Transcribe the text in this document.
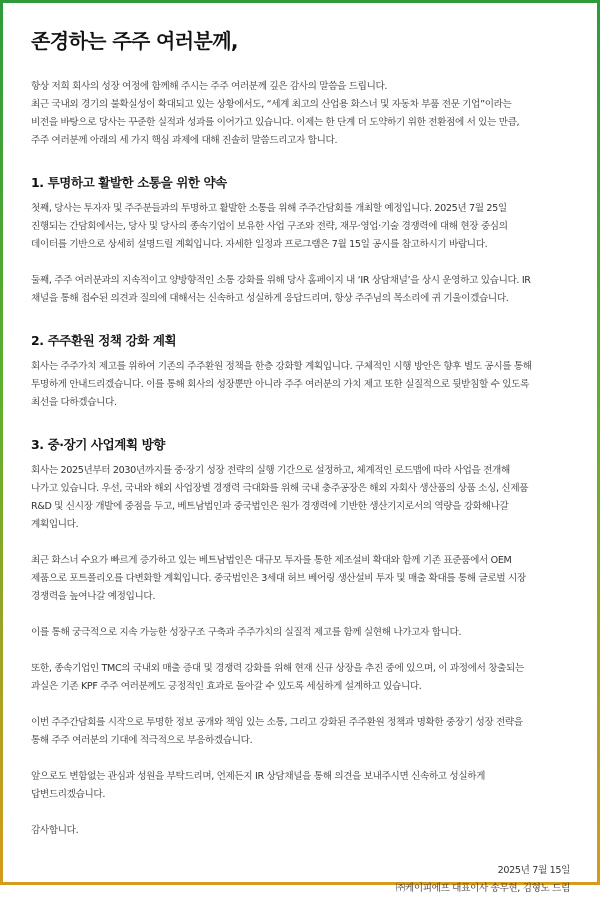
존경하는 주주 여러분께,

항상 저희 회사의 성장 여정에 함께해 주시는 주주 여러분께 깊은 감사의 말씀을 드립니다.
최근 국내외 경기의 불확실성이 확대되고 있는 상황에서도, “세계 최고의 산업용 화스너 및 자동차 부품 전문 기업”이라는
비전을 바탕으로 당사는 꾸준한 실적과 성과를 이어가고 있습니다. 이제는 한 단계 더 도약하기 위한 전환점에 서 있는 만큼,
주주 여러분께 아래의 세 가지 핵심 과제에 대해 진솔히 말씀드리고자 합니다.

1. 투명하고 활발한 소통을 위한 약속

첫째, 당사는 투자자 및 주주분들과의 투명하고 활발한 소통을 위해 주주간담회를 개최할 예정입니다. 2025년 7월 25일
진행되는 간담회에서는, 당사 및 당사의 종속기업이 보유한 사업 구조와 전략, 재무·영업·기술 경쟁력에 대해 현장 중심의
데이터를 기반으로 상세히 설명드릴 계획입니다. 자세한 일정과 프로그램은 7월 15일 공시를 참고하시기 바랍니다.

둘째, 주주 여러분과의 지속적이고 양방향적인 소통 강화를 위해 당사 홈페이지 내 ‘IR 상담채널’을 상시 운영하고 있습니다. IR
채널을 통해 접수된 의견과 질의에 대해서는 신속하고 성실하게 응답드리며, 항상 주주님의 목소리에 귀 기울이겠습니다.

2. 주주환원 정책 강화 계획

회사는 주주가치 제고를 위하여 기존의 주주환원 정책을 한층 강화할 계획입니다. 구체적인 시행 방안은 향후 별도 공시를 통해
투명하게 안내드리겠습니다. 이를 통해 회사의 성장뿐만 아니라 주주 여러분의 가치 제고 또한 실질적으로 뒷받침할 수 있도록
최선을 다하겠습니다.

3. 중·장기 사업계획 방향

회사는 2025년부터 2030년까지를 중·장기 성장 전략의 실행 기간으로 설정하고, 체계적인 로드맵에 따라 사업을 전개해
나가고 있습니다. 우선, 국내와 해외 사업장별 경쟁력 극대화를 위해 국내 충주공장은 해외 자회사 생산품의 상품 소싱, 신제품
R&D 및 신시장 개발에 중점을 두고, 베트남법인과 중국법인은 원가 경쟁력에 기반한 생산기지로서의 역량을 강화해나갈
계획입니다.

최근 화스너 수요가 빠르게 증가하고 있는 베트남법인은 대규모 투자를 통한 제조설비 확대와 함께 기존 표준품에서 OEM
제품으로 포트폴리오를 다변화할 계획입니다. 중국법인은 3세대 허브 베어링 생산설비 투자 및 매출 확대를 통해 글로벌 시장
경쟁력을 높여나갈 예정입니다.

이를 통해 궁극적으로 지속 가능한 성장구조 구축과 주주가치의 실질적 제고를 함께 실현해 나가고자 합니다.

또한, 종속기업인 TMC의 국내외 매출 증대 및 경쟁력 강화를 위해 현재 신규 상장을 추진 중에 있으며, 이 과정에서 창출되는
과실은 기존 KPF 주주 여러분께도 긍정적인 효과로 돌아갈 수 있도록 세심하게 설계하고 있습니다.

이번 주주간담회를 시작으로 투명한 정보 공개와 책임 있는 소통, 그리고 강화된 주주환원 정책과 명확한 중장기 성장 전략을
통해 주주 여러분의 기대에 적극적으로 부응하겠습니다.

앞으로도 변함없는 관심과 성원을 부탁드리며, 언제든지 IR 상담채널을 통해 의견을 보내주시면 신속하고 성실하게
답변드리겠습니다.

감사합니다.

2025년 7월 15일
㈜케이피에프 대표이사 송무현, 김형노 드림
